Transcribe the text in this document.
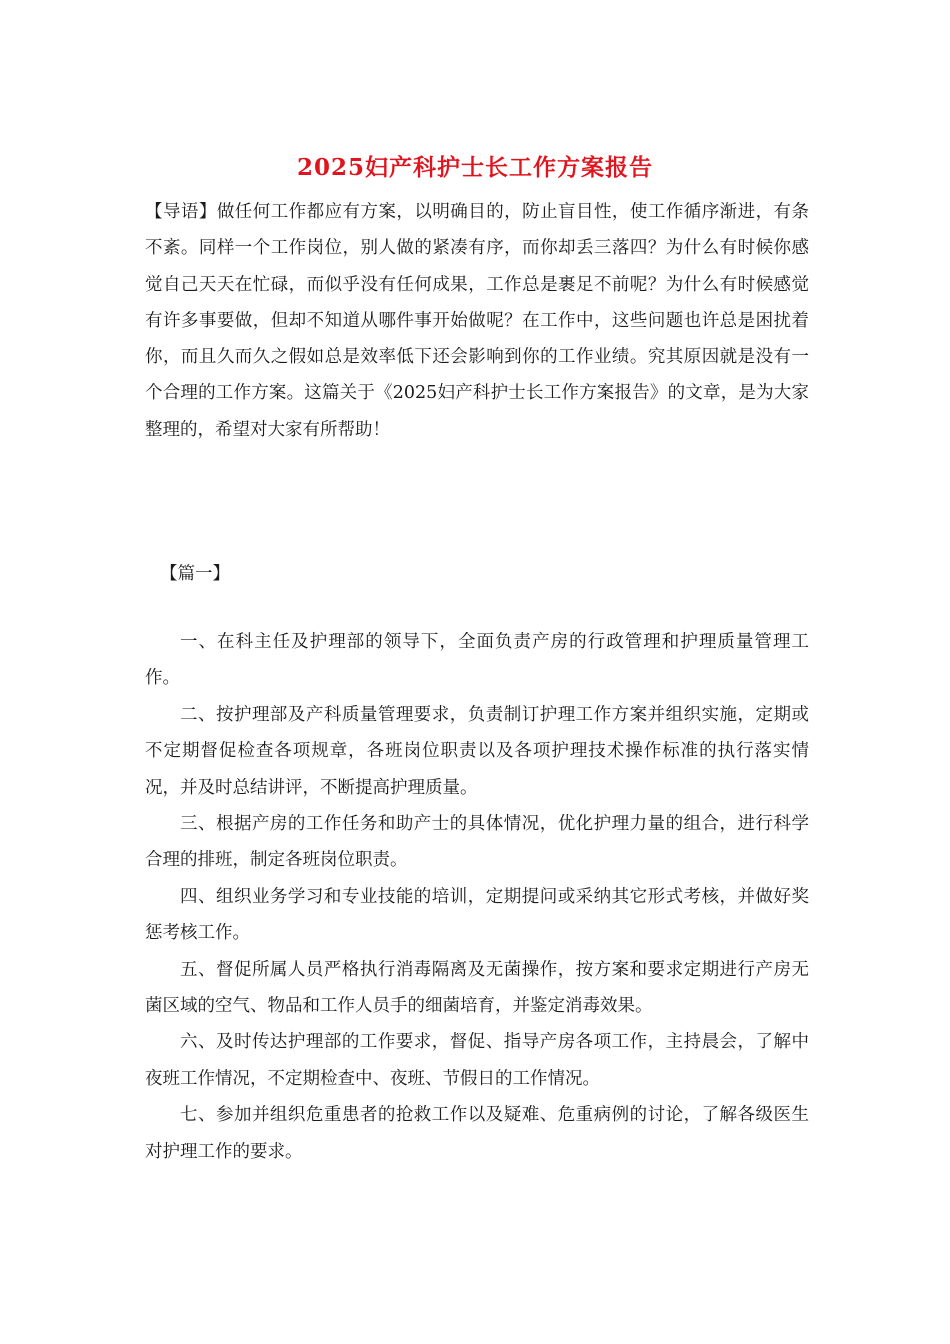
2025妇产科护士长工作方案报告

【导语】做任何工作都应有方案，以明确目的，防止盲目性，使工作循序渐进，有条不紊。同样一个工作岗位，别人做的紧凑有序，而你却丢三落四？为什么有时候你感觉自己天天在忙碌，而似乎没有任何成果，工作总是裹足不前呢？为什么有时候感觉有许多事要做，但却不知道从哪件事开始做呢？在工作中，这些问题也许总是困扰着你，而且久而久之假如总是效率低下还会影响到你的工作业绩。究其原因就是没有一个合理的工作方案。这篇关于《2025妇产科护士长工作方案报告》的文章，是为大家整理的，希望对大家有所帮助！

【篇一】

一、在科主任及护理部的领导下，全面负责产房的行政管理和护理质量管理工作。

二、按护理部及产科质量管理要求，负责制订护理工作方案并组织实施，定期或不定期督促检查各项规章，各班岗位职责以及各项护理技术操作标准的执行落实情况，并及时总结讲评，不断提高护理质量。

三、根据产房的工作任务和助产士的具体情况，优化护理力量的组合，进行科学合理的排班，制定各班岗位职责。

四、组织业务学习和专业技能的培训，定期提问或采纳其它形式考核，并做好奖惩考核工作。

五、督促所属人员严格执行消毒隔离及无菌操作，按方案和要求定期进行产房无菌区域的空气、物品和工作人员手的细菌培育，并鉴定消毒效果。

六、及时传达护理部的工作要求，督促、指导产房各项工作，主持晨会，了解中夜班工作情况，不定期检查中、夜班、节假日的工作情况。

七、参加并组织危重患者的抢救工作以及疑难、危重病例的讨论，了解各级医生对护理工作的要求。
